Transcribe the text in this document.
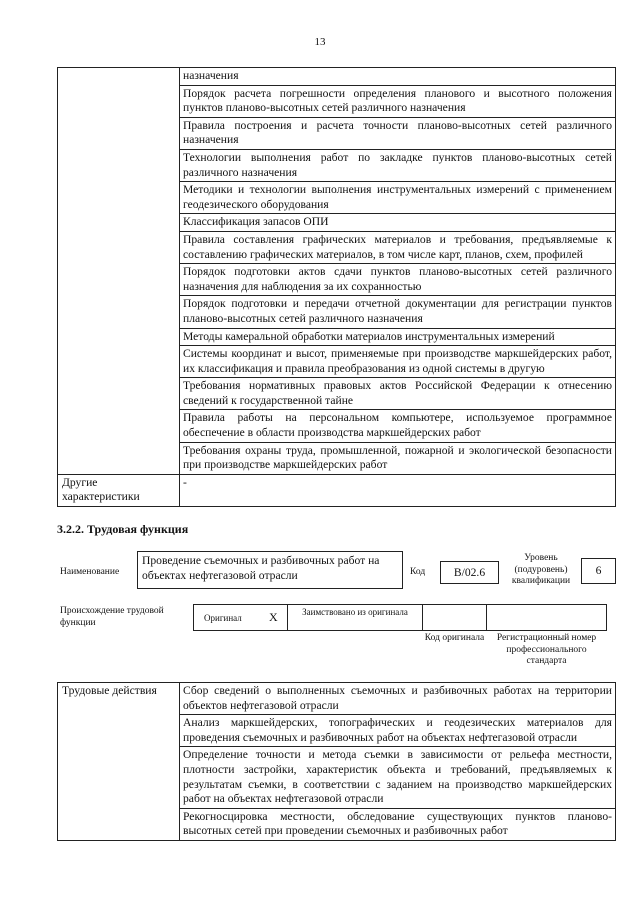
13
	назначения
	Порядок расчета погрешности определения планового и высотного положения пунктов планово-высотных сетей различного назначения
	Правила построения и расчета точности планово-высотных сетей различного назначения
	Технологии выполнения работ по закладке пунктов планово-высотных сетей различного назначения
	Методики и технологии выполнения инструментальных измерений с применением геодезического оборудования
	Классификация запасов ОПИ
	Правила составления графических материалов и требования, предъявляемые к составлению графических материалов, в том числе карт, планов, схем, профилей
	Порядок подготовки актов сдачи пунктов планово-высотных сетей различного назначения для наблюдения за их сохранностью
	Порядок подготовки и передачи отчетной документации для регистрации пунктов планово-высотных сетей различного назначения
	Методы камеральной обработки материалов инструментальных измерений
	Системы координат и высот, применяемые при производстве маркшейдерских работ, их классификация и правила преобразования из одной системы в другую
	Требования нормативных правовых актов Российской Федерации к отнесению сведений к государственной тайне
	Правила работы на персональном компьютере, используемое программное обеспечение в области производства маркшейдерских работ
	Требования охраны труда, промышленной, пожарной и экологической безопасности при производстве маркшейдерских работ
Другие характеристики	-
3.2.2. Трудовая функция
Наименование
Проведение съемочных и разбивочных работ на объектах нефтегазовой отрасли	Код	B/02.6
Уровень (подуровень) квалификации
6
Происхождение трудовой функции	Оригинал X	Заимствовано из оригинала
Код оригинала	Регистрационный номер профессионального стандарта
Трудовые действия	Сбор сведений о выполненных съемочных и разбивочных работах на территории объектов нефтегазовой отрасли
Анализ маркшейдерских, топографических и геодезических материалов для проведения съемочных и разбивочных работ на объектах нефтегазовой отрасли
Определение точности и метода съемки в зависимости от рельефа местности, плотности застройки, характеристик объекта и требований, предъявляемых к результатам съемки, в соответствии с заданием на производство маркшейдерских работ на объектах нефтегазовой отрасли
Рекогносцировка местности, обследование существующих пунктов планово-высотных сетей при проведении съемочных и разбивочных работ
